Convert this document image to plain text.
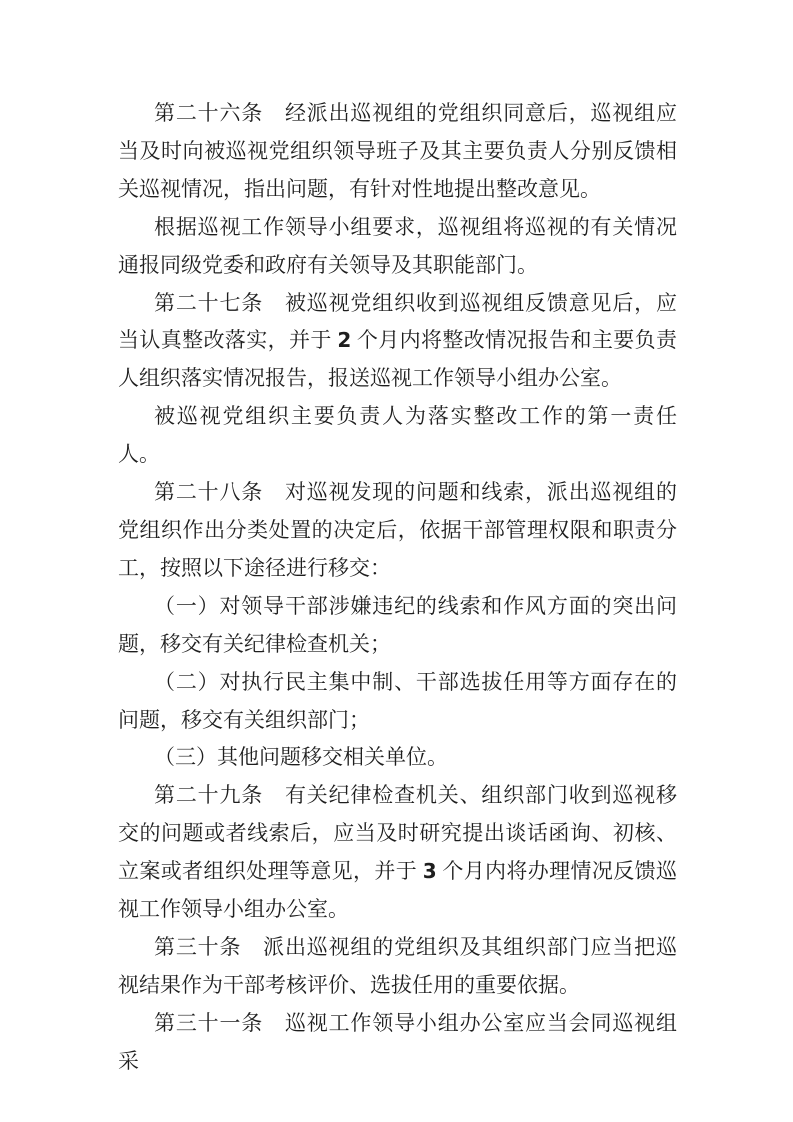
第二十六条　经派出巡视组的党组织同意后，巡视组应当及时向被巡视党组织领导班子及其主要负责人分别反馈相关巡视情况，指出问题，有针对性地提出整改意见。

根据巡视工作领导小组要求，巡视组将巡视的有关情况通报同级党委和政府有关领导及其职能部门。

第二十七条　被巡视党组织收到巡视组反馈意见后，应当认真整改落实，并于 2 个月内将整改情况报告和主要负责人组织落实情况报告，报送巡视工作领导小组办公室。

被巡视党组织主要负责人为落实整改工作的第一责任人。

第二十八条　对巡视发现的问题和线索，派出巡视组的党组织作出分类处置的决定后，依据干部管理权限和职责分工，按照以下途径进行移交：

（一）对领导干部涉嫌违纪的线索和作风方面的突出问题，移交有关纪律检查机关；

（二）对执行民主集中制、干部选拔任用等方面存在的问题，移交有关组织部门；

（三）其他问题移交相关单位。

第二十九条　有关纪律检查机关、组织部门收到巡视移交的问题或者线索后，应当及时研究提出谈话函询、初核、立案或者组织处理等意见，并于 3 个月内将办理情况反馈巡视工作领导小组办公室。

第三十条　派出巡视组的党组织及其组织部门应当把巡视结果作为干部考核评价、选拔任用的重要依据。

第三十一条　巡视工作领导小组办公室应当会同巡视组采
